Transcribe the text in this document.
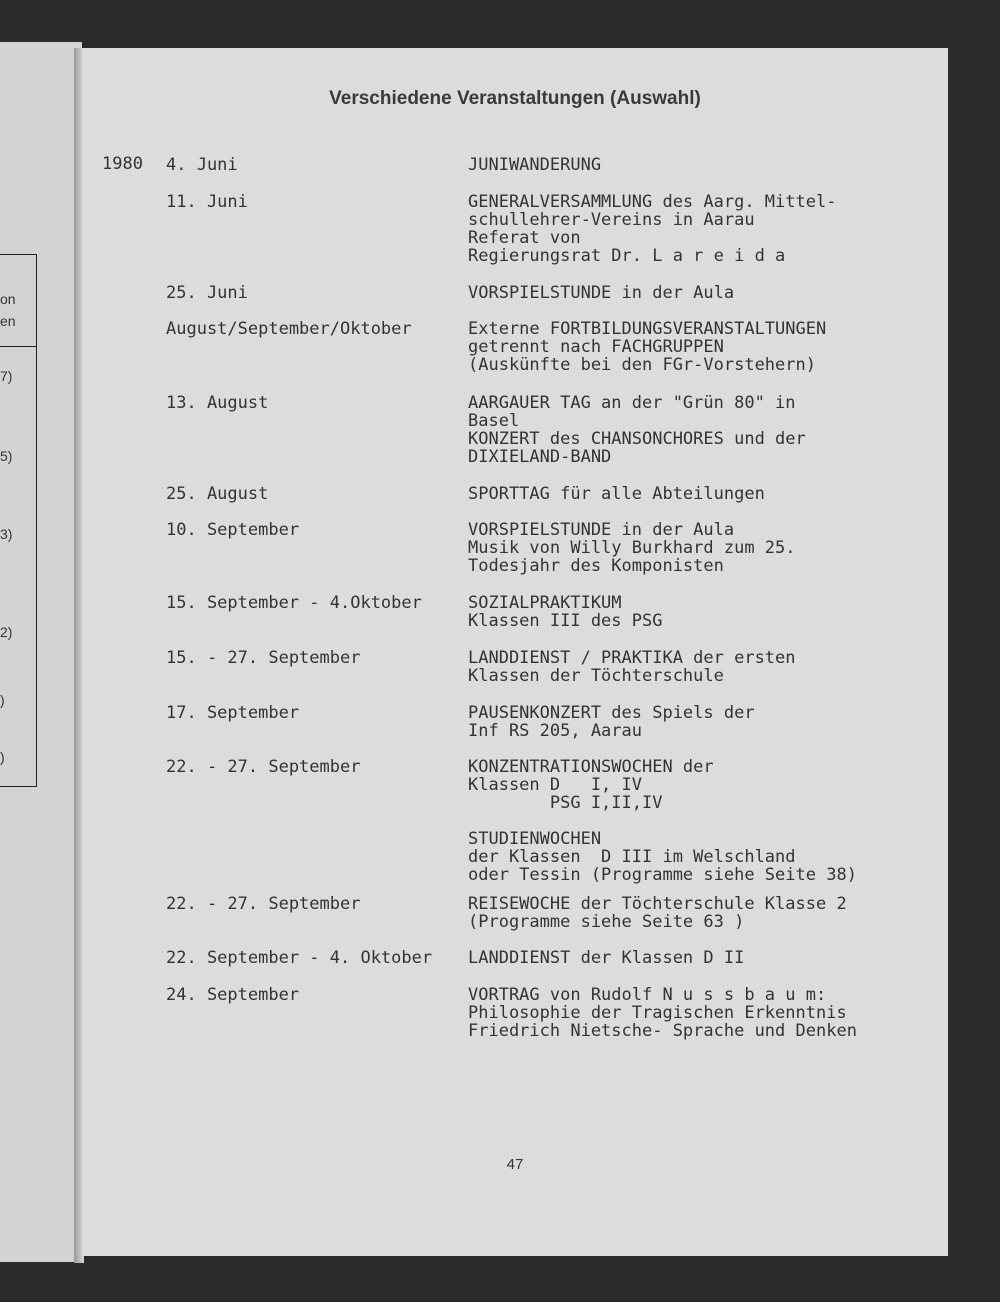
on
en
7)
5)
3)
2)
)
)
Verschiedene Veranstaltungen (Auswahl)
1980 4. Juni	JUNIWANDERUNG
11. Juni	GENERALVERSAMMLUNG des Aarg. Mittel-
schullehrer-Vereins in Aarau
Referat von
Regierungsrat Dr. L a r e i d a
25. Juni	VORSPIELSTUNDE in der Aula
August/September/Oktober	Externe FORTBILDUNGSVERANSTALTUNGEN
getrennt nach FACHGRUPPEN
(Auskünfte bei den FGr-Vorstehern)
13. August	AARGAUER TAG an der "Grün 80" in
Basel
KONZERT des CHANSONCHORES und der
DIXIELAND-BAND
25. August	SPORTTAG für alle Abteilungen
10. September	VORSPIELSTUNDE in der Aula
Musik von Willy Burkhard zum 25.
Todesjahr des Komponisten
15. September - 4.Oktober	SOZIALPRAKTIKUM
Klassen III des PSG
15. - 27. September	LANDDIENST / PRAKTIKA der ersten
Klassen der Töchterschule
17. September	PAUSENKONZERT des Spiels der
Inf RS 205, Aarau
22. - 27. September	KONZENTRATIONSWOCHEN der
Klassen D   I, IV
PSG I,II,IV

STUDIENWOCHEN
der Klassen  D III im Welschland
oder Tessin (Programme siehe Seite 38)
22. - 27. September	REISEWOCHE der Töchterschule Klasse 2
(Programme siehe Seite 63 )
22. September - 4. Oktober LANDDIENST der Klassen D II
24. September	VORTRAG von Rudolf N u s s b a u m:
Philosophie der Tragischen Erkenntnis
Friedrich Nietsche- Sprache und Denken
47
